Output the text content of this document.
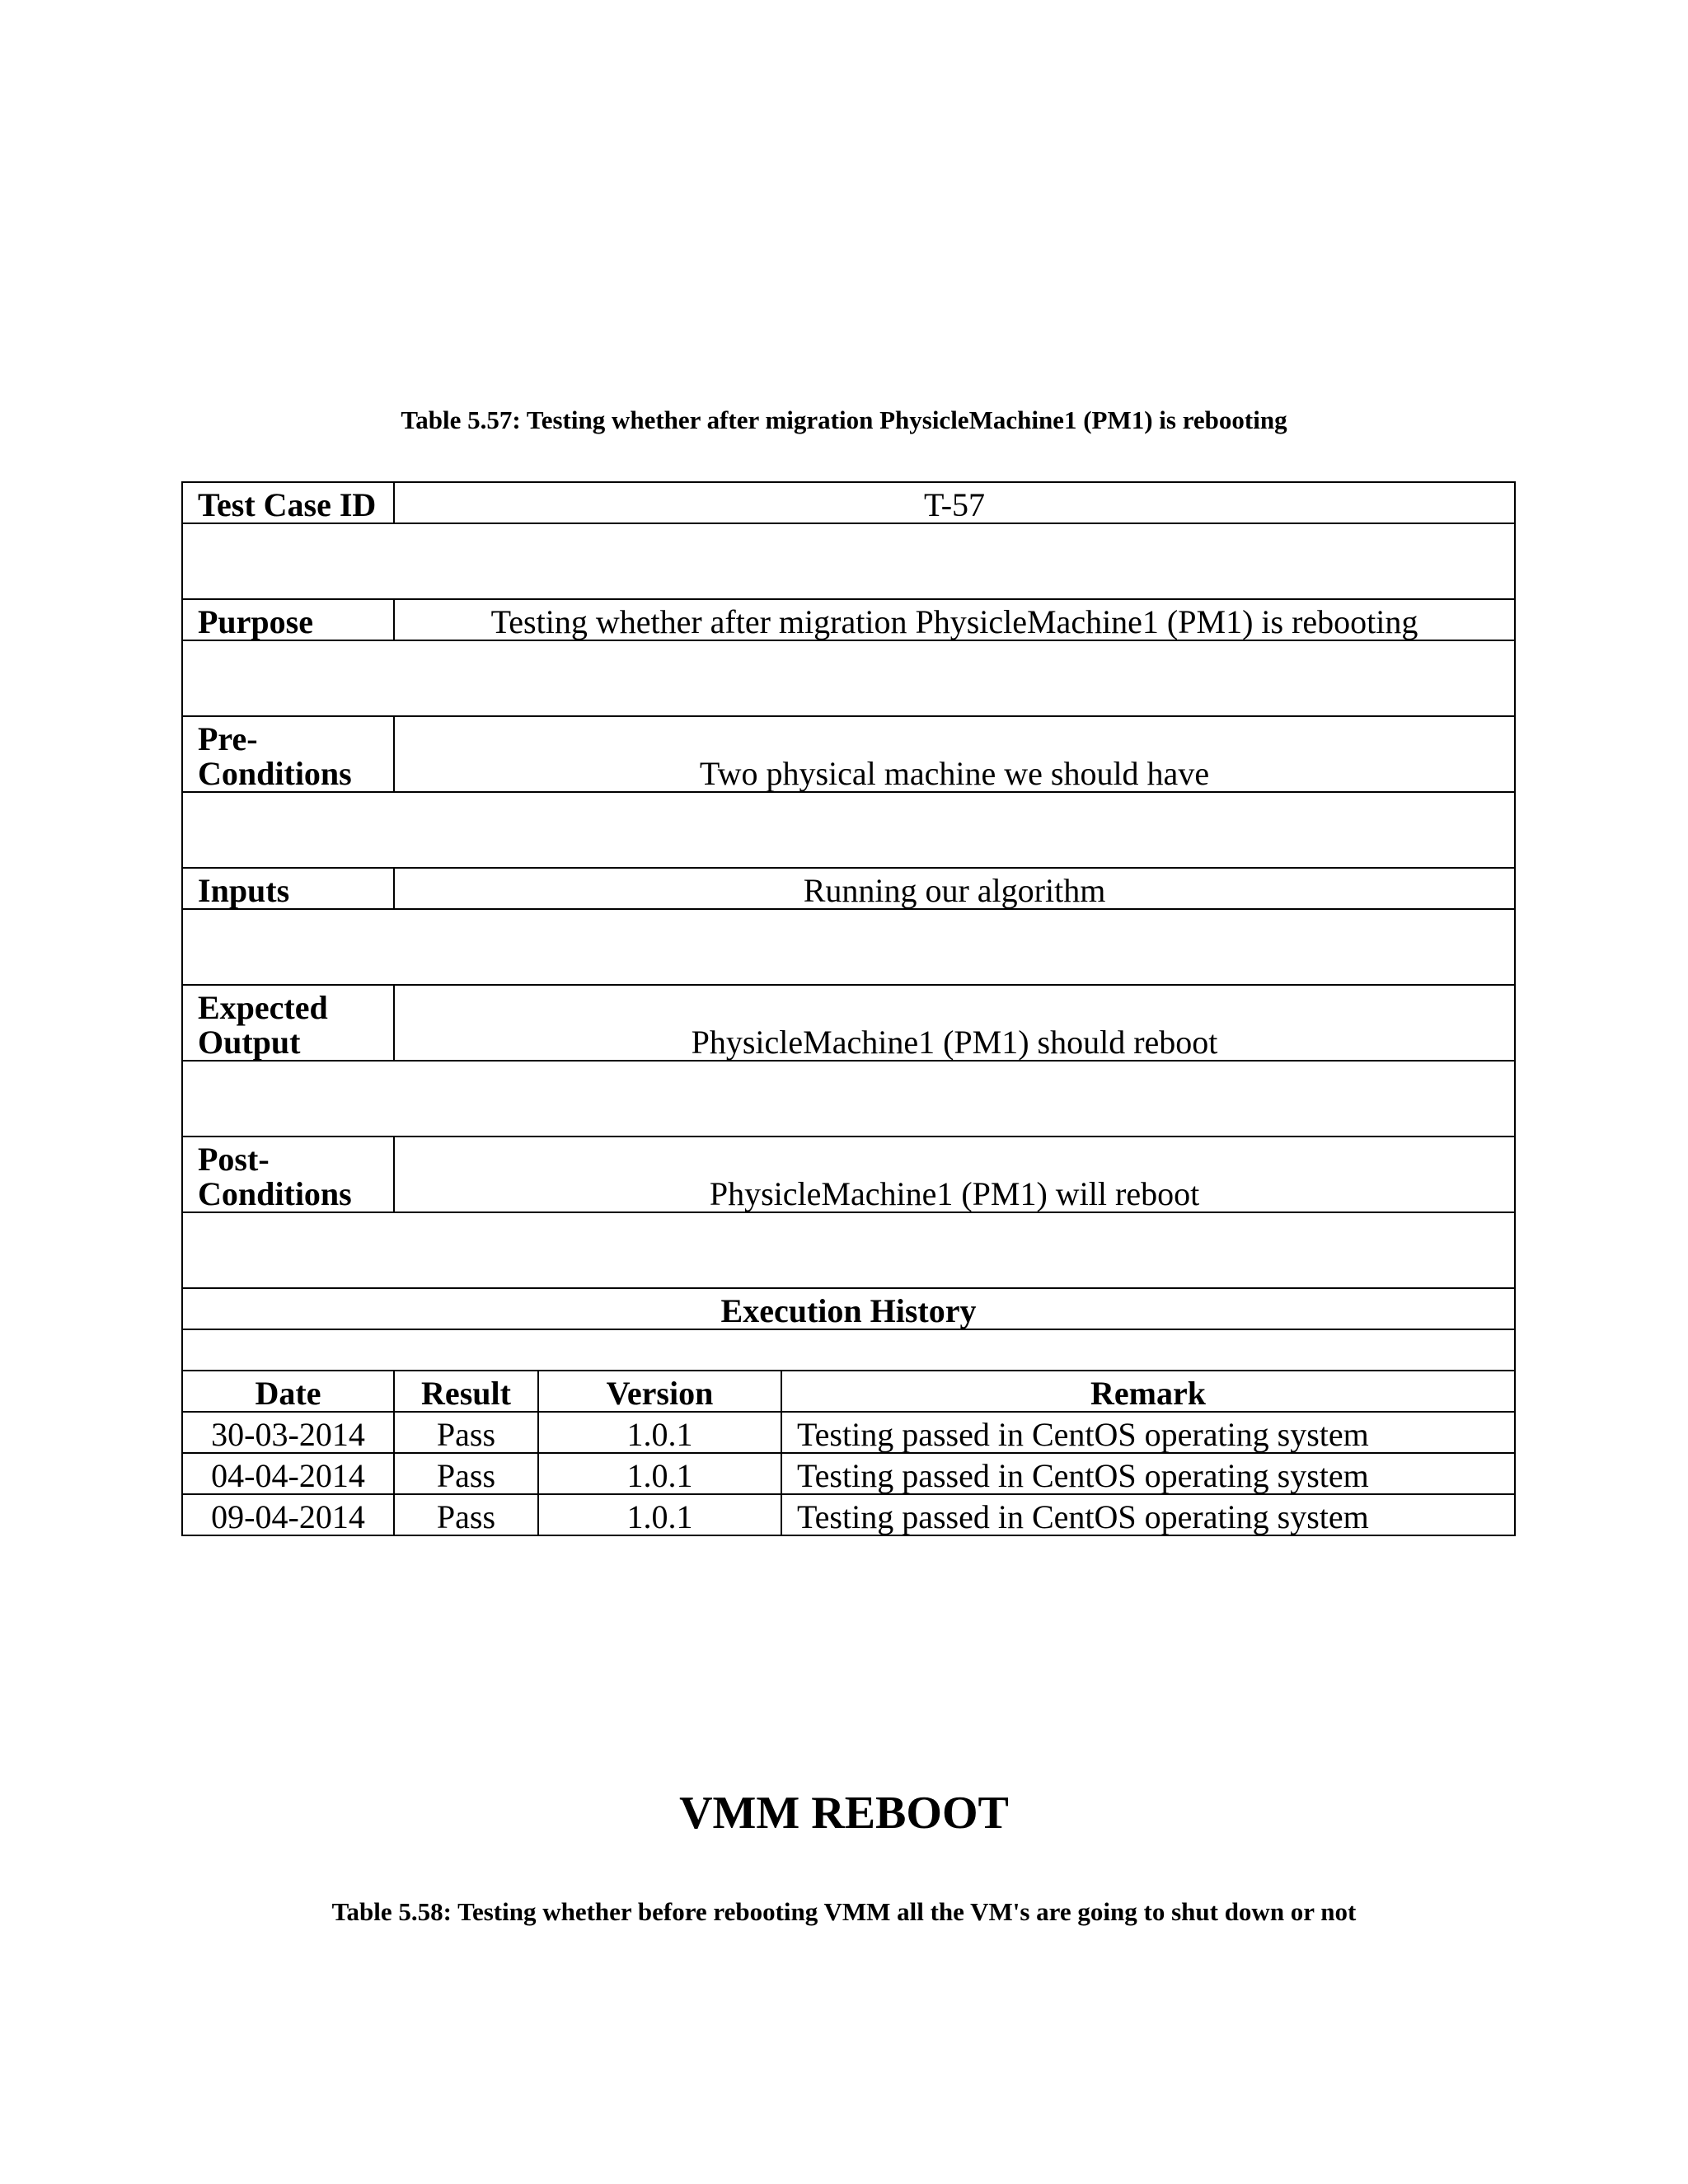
Table 5.57: Testing whether after migration PhysicleMachine1 (PM1) is rebooting
Test Case ID	T-57		

Purpose	Testing whether after migration PhysicleMachine1 (PM1) is rebooting		

Pre-
Conditions	Two physical machine we should have		

Inputs	Running our algorithm		

Expected
Output	PhysicleMachine1 (PM1) should reboot		

Post-
Conditions	PhysicleMachine1 (PM1) will reboot		

Execution History			

Date	Result	Version	Remark
30-03-2014	Pass	1.0.1	Testing passed in CentOS operating system
04-04-2014	Pass	1.0.1	Testing passed in CentOS operating system
09-04-2014	Pass	1.0.1	Testing passed in CentOS operating system
VMM REBOOT
Table 5.58: Testing whether before rebooting VMM all the VM's are going to shut down or not
